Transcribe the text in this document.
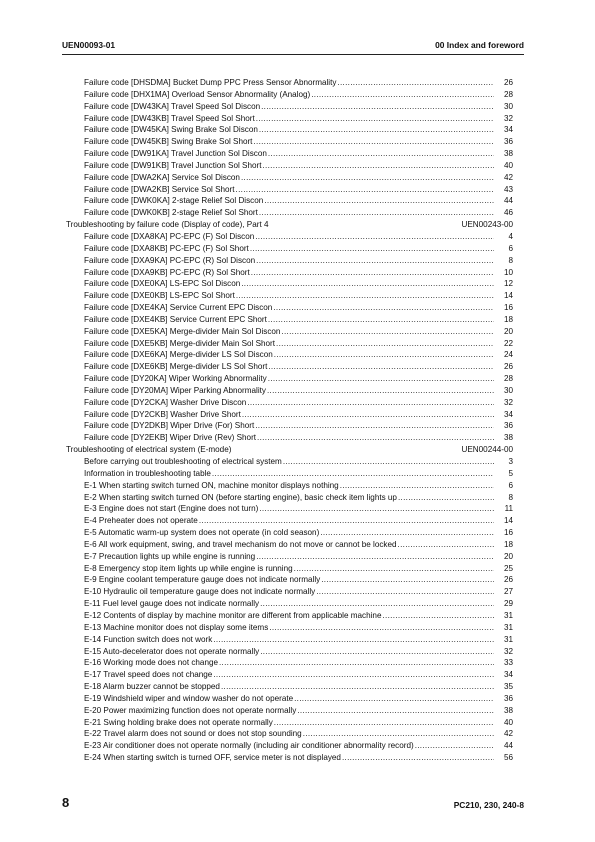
UEN00093-01	00 Index and foreword
Failure code [DHSDMA] Bucket Dump PPC Press Sensor Abnormality .....	26
Failure code [DHX1MA] Overload Sensor Abnormality (Analog) .....	28
Failure code [DW43KA] Travel Speed Sol Discon .....	30
Failure code [DW43KB] Travel Speed Sol Short .....	32
Failure code [DW45KA] Swing Brake Sol Discon .....	34
Failure code [DW45KB] Swing Brake Sol Short .....	36
Failure code [DW91KA] Travel Junction Sol Discon .....	38
Failure code [DW91KB] Travel Junction Sol Short .....	40
Failure code [DWA2KA] Service Sol Discon .....	42
Failure code [DWA2KB] Service Sol Short .....	43
Failure code [DWK0KA] 2-stage Relief Sol Discon .....	44
Failure code [DWK0KB] 2-stage Relief Sol Short .....	46
Troubleshooting by failure code (Display of code), Part 4	UEN00243-00
Failure code [DXA8KA] PC-EPC (F) Sol Discon .....	4
Failure code [DXA8KB] PC-EPC (F) Sol Short .....	6
Failure code [DXA9KA] PC-EPC (R) Sol Discon .....	8
Failure code [DXA9KB] PC-EPC (R) Sol Short .....	10
Failure code [DXE0KA] LS-EPC Sol Discon .....	12
Failure code [DXE0KB] LS-EPC Sol Short .....	14
Failure code [DXE4KA] Service Current EPC Discon .....	16
Failure code [DXE4KB] Service Current EPC Short .....	18
Failure code [DXE5KA] Merge-divider Main Sol Discon .....	20
Failure code [DXE5KB] Merge-divider Main Sol Short .....	22
Failure code [DXE6KA] Merge-divider LS Sol Discon .....	24
Failure code [DXE6KB] Merge-divider LS Sol Short .....	26
Failure code [DY20KA] Wiper Working Abnormality .....	28
Failure code [DY20MA] Wiper Parking Abnormality .....	30
Failure code [DY2CKA] Washer Drive Discon .....	32
Failure code [DY2CKB] Washer Drive Short .....	34
Failure code [DY2DKB] Wiper Drive (For) Short .....	36
Failure code [DY2EKB] Wiper Drive (Rev) Short .....	38
Troubleshooting of electrical system (E-mode)	UEN00244-00
Before carrying out troubleshooting of electrical system .....	3
Information in troubleshooting table .....	5
E-1 When starting switch turned ON, machine monitor displays nothing .....	6
E-2 When starting switch turned ON (before starting engine), basic check item lights up .....	8
E-3 Engine does not start (Engine does not turn) .....	11
E-4 Preheater does not operate .....	14
E-5 Automatic warm-up system does not operate (in cold season) .....	16
E-6 All work equipment, swing, and travel mechanism do not move or cannot be locked .....	18
E-7 Precaution lights up while engine is running .....	20
E-8 Emergency stop item lights up while engine is running .....	25
E-9 Engine coolant temperature gauge does not indicate normally .....	26
E-10 Hydraulic oil temperature gauge does not indicate normally .....	27
E-11 Fuel level gauge does not indicate normally .....	29
E-12 Contents of display by machine monitor are different from applicable machine .....	31
E-13 Machine monitor does not display some items .....	31
E-14 Function switch does not work .....	31
E-15 Auto-decelerator does not operate normally .....	32
E-16 Working mode does not change .....	33
E-17 Travel speed does not change .....	34
E-18 Alarm buzzer cannot be stopped .....	35
E-19 Windshield wiper and window washer do not operate .....	36
E-20 Power maximizing function does not operate normally .....	38
E-21 Swing holding brake does not operate normally .....	40
E-22 Travel alarm does not sound or does not stop sounding .....	42
E-23 Air conditioner does not operate normally (including air conditioner abnormality record) .....	44
E-24 When starting switch is turned OFF, service meter is not displayed .....	56
8	PC210, 230, 240-8
